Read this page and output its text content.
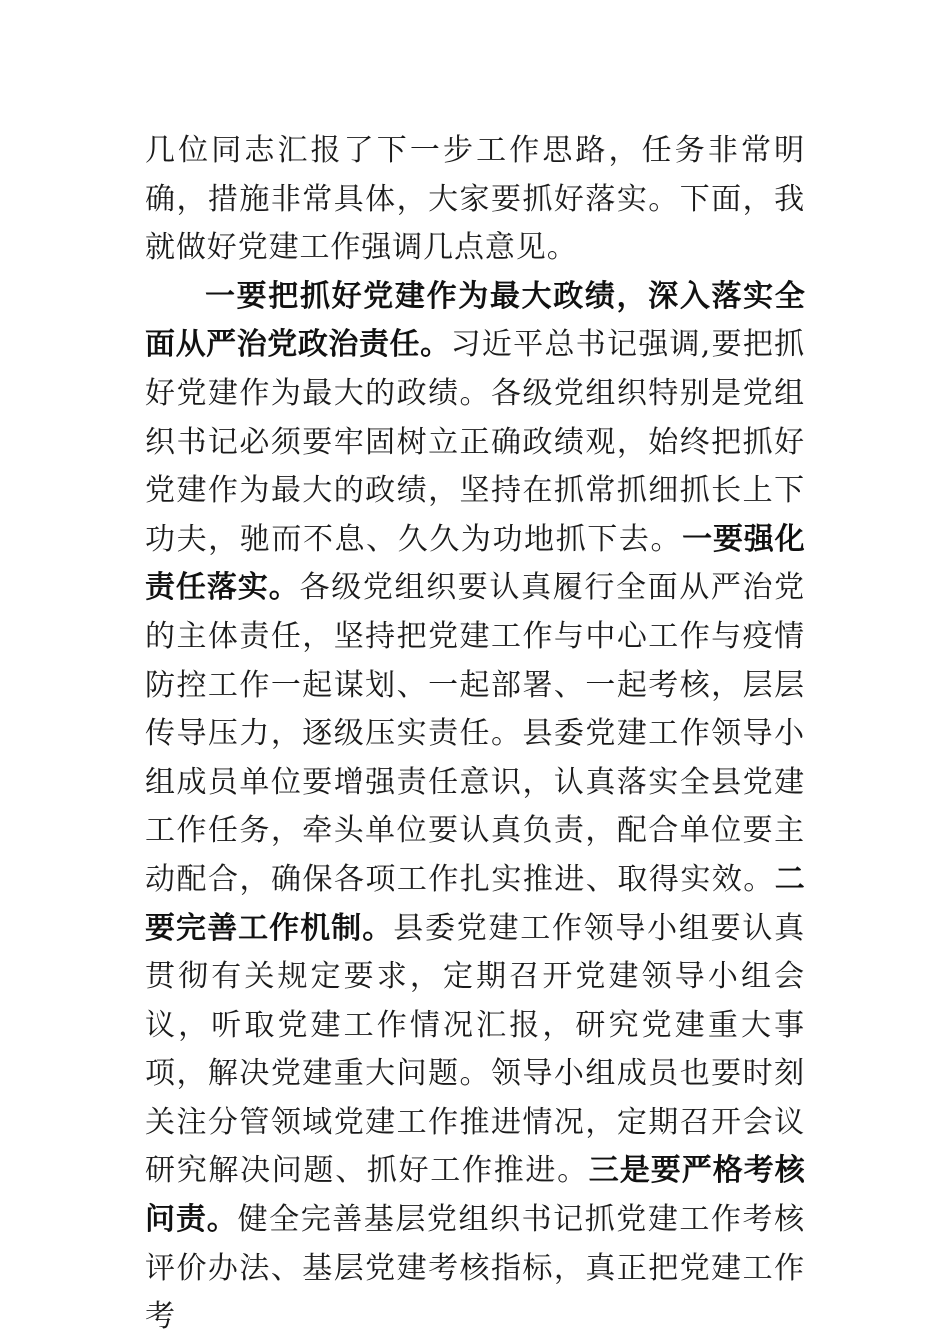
几位同志汇报了下一步工作思路，任务非常明确，措施非常具体，大家要抓好落实。下面，我就做好党建工作强调几点意见。

一要把抓好党建作为最大政绩，深入落实全面从严治党政治责任。习近平总书记强调,要把抓好党建作为最大的政绩。各级党组织特别是党组织书记必须要牢固树立正确政绩观，始终把抓好党建作为最大的政绩，坚持在抓常抓细抓长上下功夫，驰而不息、久久为功地抓下去。一要强化责任落实。各级党组织要认真履行全面从严治党的主体责任，坚持把党建工作与中心工作与疫情防控工作一起谋划、一起部署、一起考核，层层传导压力，逐级压实责任。县委党建工作领导小组成员单位要增强责任意识，认真落实全县党建工作任务，牵头单位要认真负责，配合单位要主动配合，确保各项工作扎实推进、取得实效。二要完善工作机制。县委党建工作领导小组要认真贯彻有关规定要求，定期召开党建领导小组会议，听取党建工作情况汇报，研究党建重大事项，解决党建重大问题。领导小组成员也要时刻关注分管领域党建工作推进情况，定期召开会议研究解决问题、抓好工作推进。三是要严格考核问责。健全完善基层党组织书记抓党建工作考核评价办法、基层党建考核指标，真正把党建工作考
